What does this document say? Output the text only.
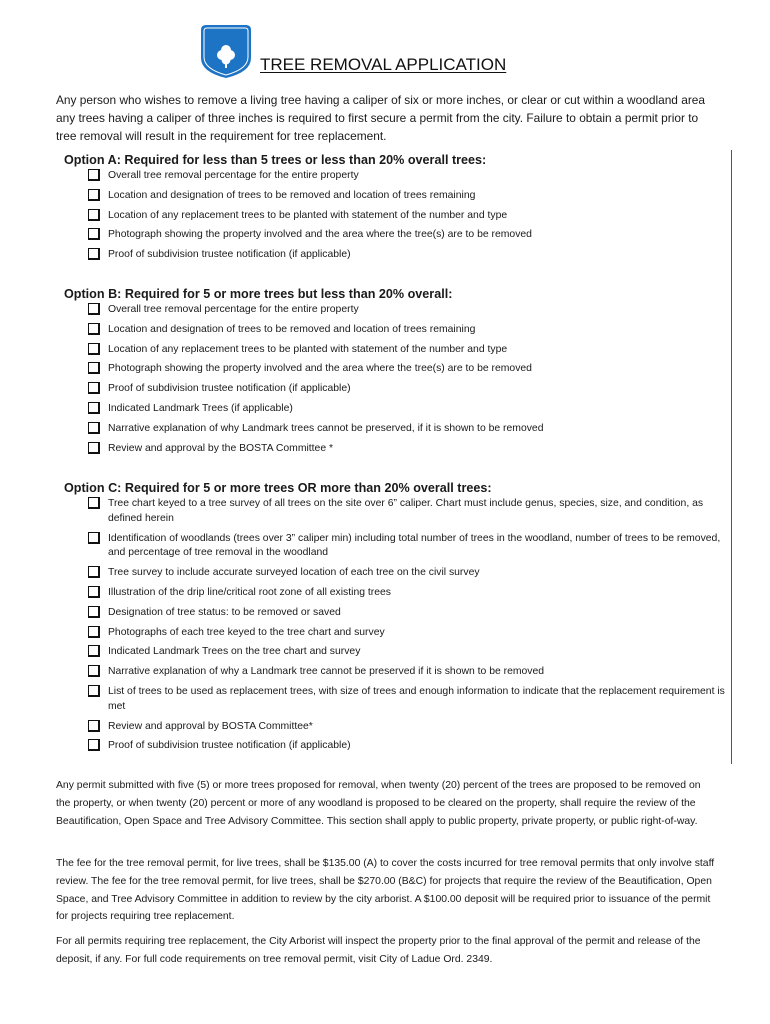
TREE REMOVAL APPLICATION
Any person who wishes to remove a living tree having a caliper of six or more inches, or clear or cut within a woodland area any trees having a caliper of three inches is required to first secure a permit from the city. Failure to obtain a permit prior to tree removal will result in the requirement for tree replacement.
Option A: Required for less than 5 trees or less than 20% overall trees:
Overall tree removal percentage for the entire property
Location and designation of trees to be removed and location of trees remaining
Location of any replacement trees to be planted with statement of the number and type
Photograph showing the property involved and the area where the tree(s) are to be removed
Proof of subdivision trustee notification (if applicable)
Option B: Required for 5 or more trees but less than 20% overall:
Overall tree removal percentage for the entire property
Location and designation of trees to be removed and location of trees remaining
Location of any replacement trees to be planted with statement of the number and type
Photograph showing the property involved and the area where the tree(s) are to be removed
Proof of subdivision trustee notification (if applicable)
Indicated Landmark Trees (if applicable)
Narrative explanation of why Landmark trees cannot be preserved, if it is shown to be removed
Review and approval by the BOSTA Committee *
Option C: Required for 5 or more trees OR more than 20% overall trees:
Tree chart keyed to a tree survey of all trees on the site over 6” caliper. Chart must include genus, species, size, and condition, as defined herein
Identification of woodlands (trees over 3” caliper min) including total number of trees in the woodland, number of trees to be removed, and percentage of tree removal in the woodland
Tree survey to include accurate surveyed location of each tree on the civil survey
Illustration of the drip line/critical root zone of all existing trees
Designation of tree status: to be removed or saved
Photographs of each tree keyed to the tree chart and survey
Indicated Landmark Trees on the tree chart and survey
Narrative explanation of why a Landmark tree cannot be preserved if it is shown to be removed
List of trees to be used as replacement trees, with size of trees and enough information to indicate that the replacement requirement is met
Review and approval by BOSTA Committee*
Proof of subdivision trustee notification (if applicable)
Any permit submitted with five (5) or more trees proposed for removal, when twenty (20) percent of the trees are proposed to be removed on the property, or when twenty (20) percent or more of any woodland is proposed to be cleared on the property, shall require the review of the Beautification, Open Space and Tree Advisory Committee. This section shall apply to public property, private property, or public right-of-way.
The fee for the tree removal permit, for live trees, shall be $135.00 (A) to cover the costs incurred for tree removal permits that only involve staff review. The fee for the tree removal permit, for live trees, shall be $270.00 (B&C) for projects that require the review of the Beautification, Open Space, and Tree Advisory Committee in addition to review by the city arborist. A $100.00 deposit will be required prior to issuance of the permit for projects requiring tree replacement.
For all permits requiring tree replacement, the City Arborist will inspect the property prior to the final approval of the permit and release of the deposit, if any. For full code requirements on tree removal permit, visit City of Ladue Ord. 2349.
